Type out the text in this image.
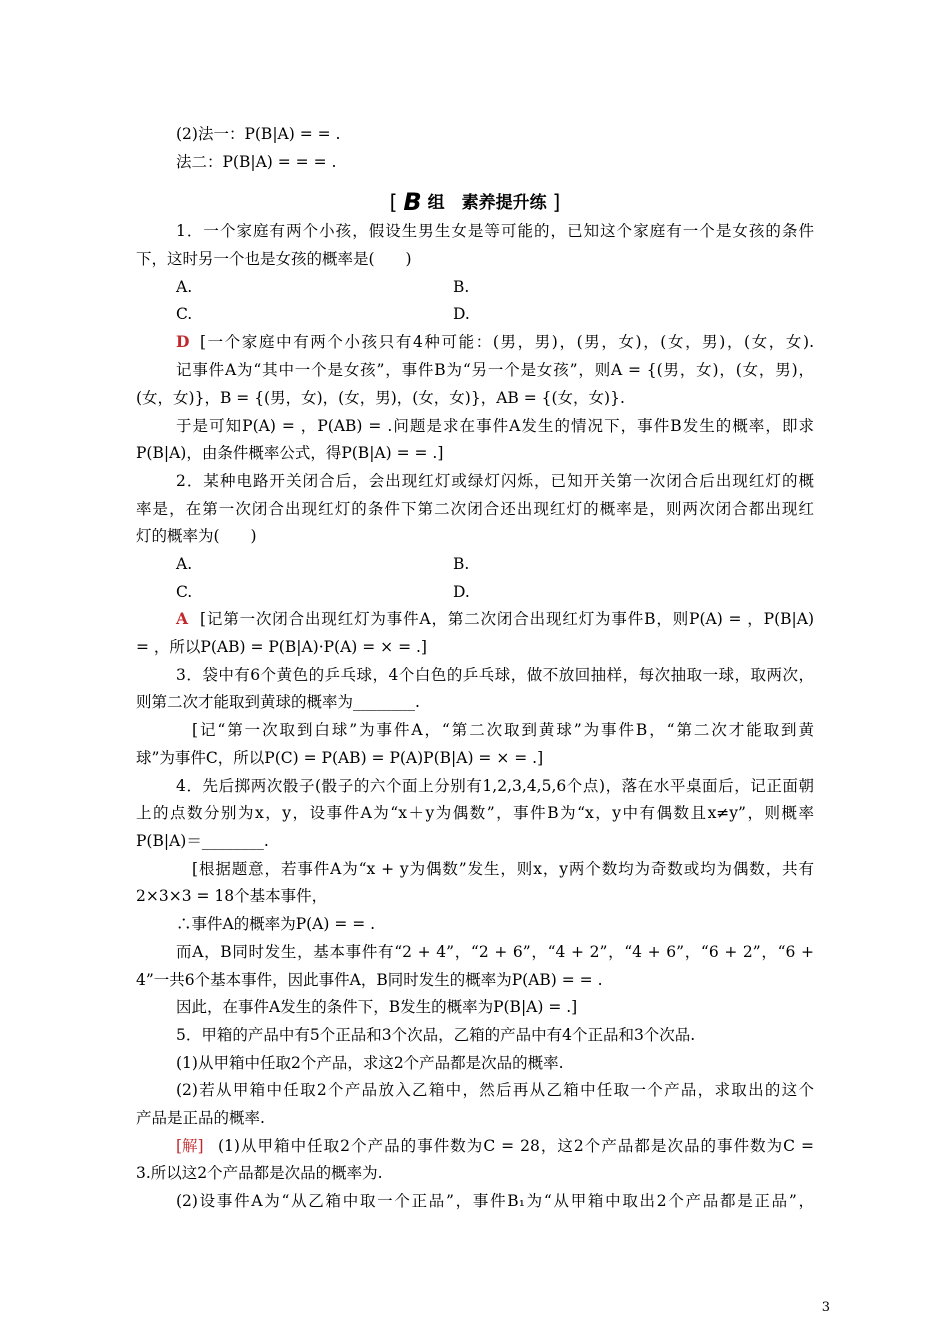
(2)法一：P(B|A) = = .
法二：P(B|A) = = = .
[ B 组　素养提升练 ]
1．一个家庭有两个小孩，假设生男生女是等可能的，已知这个家庭有一个是女孩的条件
下，这时另一个也是女孩的概率是(　　)
A.	B.
C.	D.
D [一个家庭中有两个小孩只有4种可能：(男，男)，(男，女)，(女，男)，(女，女).
记事件A为“其中一个是女孩”，事件B为“另一个是女孩”，则A = {(男，女)，(女，男)，
(女，女)}，B = {(男，女)，(女，男)，(女，女)}，AB = {(女，女)}.
于是可知P(A) = ，P(AB) = .问题是求在事件A发生的情况下，事件B发生的概率，即求
P(B|A)，由条件概率公式，得P(B|A) = = .]
2．某种电路开关闭合后，会出现红灯或绿灯闪烁，已知开关第一次闭合后出现红灯的概
率是，在第一次闭合出现红灯的条件下第二次闭合还出现红灯的概率是，则两次闭合都出现红
灯的概率为(　　)
A.	B.
C.	D.
A [记第一次闭合出现红灯为事件A，第二次闭合出现红灯为事件B，则P(A) = ，P(B|A)
= ，所以P(AB) = P(B|A)·P(A) = × = .]
3．袋中有6个黄色的乒乓球，4个白色的乒乓球，做不放回抽样，每次抽取一球，取两次，
则第二次才能取到黄球的概率为________.
[记“第一次取到白球”为事件A，“第二次取到黄球”为事件B，“第二次才能取到黄
球”为事件C，所以P(C) = P(AB) = P(A)P(B|A) = × = .]
4．先后掷两次骰子(骰子的六个面上分别有1,2,3,4,5,6个点)，落在水平桌面后，记正面朝
上的点数分别为x，y，设事件A为“x＋y为偶数”，事件B为“x，y中有偶数且x≠y”，则概率
P(B|A)＝________.
[根据题意，若事件A为“x + y为偶数”发生，则x，y两个数均为奇数或均为偶数，共有
2×3×3 = 18个基本事件，
∴事件A的概率为P(A) = = .
而A，B同时发生，基本事件有“2 + 4”，“2 + 6”，“4 + 2”，“4 + 6”，“6 + 2”，“6 +
4”一共6个基本事件，因此事件A，B同时发生的概率为P(AB) = = .
因此，在事件A发生的条件下，B发生的概率为P(B|A) = .]
5．甲箱的产品中有5个正品和3个次品，乙箱的产品中有4个正品和3个次品.
(1)从甲箱中任取2个产品，求这2个产品都是次品的概率.
(2)若从甲箱中任取2个产品放入乙箱中，然后再从乙箱中任取一个产品，求取出的这个
产品是正品的概率.
[解] (1)从甲箱中任取2个产品的事件数为C = 28，这2个产品都是次品的事件数为C =
3.所以这2个产品都是次品的概率为.
(2)设事件A为“从乙箱中取一个正品”，事件B₁为“从甲箱中取出2个产品都是正品”，
3
